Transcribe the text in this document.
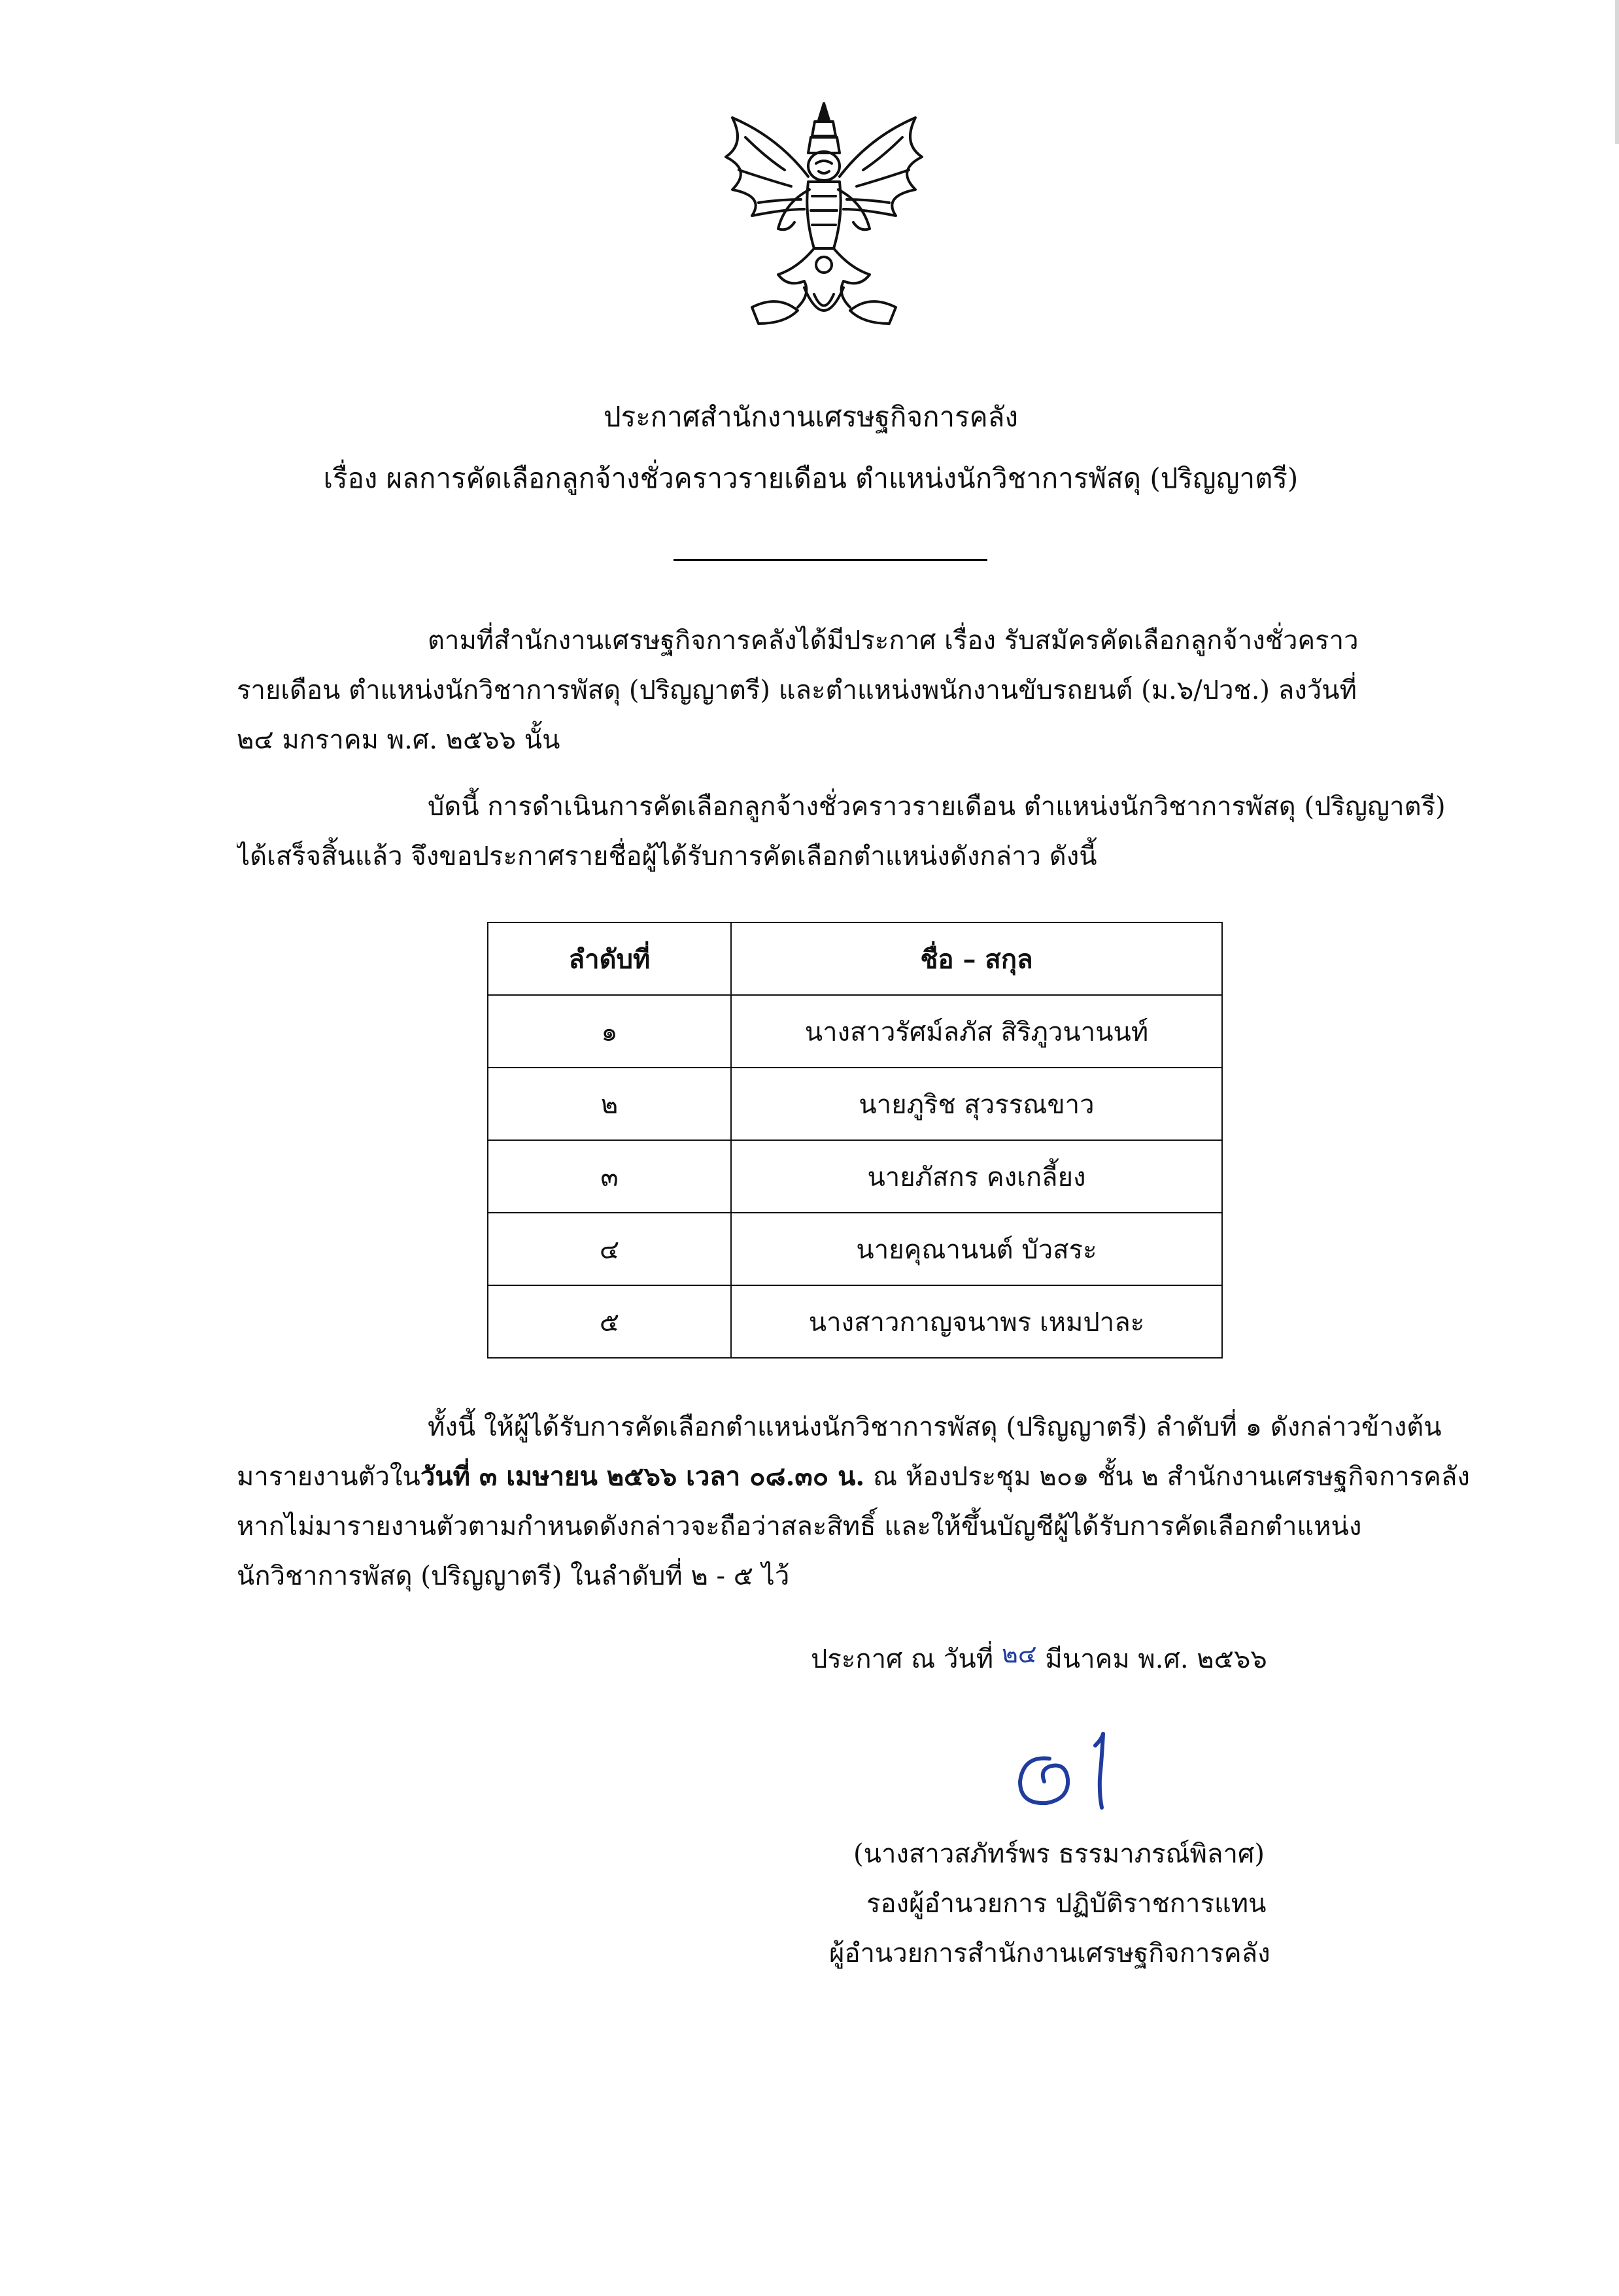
ประกาศสำนักงานเศรษฐกิจการคลัง
เรื่อง ผลการคัดเลือกลูกจ้างชั่วคราวรายเดือน ตำแหน่งนักวิชาการพัสดุ (ปริญญาตรี)
ตามที่สำนักงานเศรษฐกิจการคลังได้มีประกาศ เรื่อง รับสมัครคัดเลือกลูกจ้างชั่วคราว
รายเดือน ตำแหน่งนักวิชาการพัสดุ (ปริญญาตรี) และตำแหน่งพนักงานขับรถยนต์ (ม.๖/ปวช.) ลงวันที่
๒๔ มกราคม พ.ศ. ๒๕๖๖ นั้น
บัดนี้ การดำเนินการคัดเลือกลูกจ้างชั่วคราวรายเดือน ตำแหน่งนักวิชาการพัสดุ (ปริญญาตรี)
ได้เสร็จสิ้นแล้ว จึงขอประกาศรายชื่อผู้ได้รับการคัดเลือกตำแหน่งดังกล่าว ดังนี้
ลำดับที่	ชื่อ – สกุล
๑	นางสาวรัศม์ลภัส สิริภูวนานนท์
๒	นายภูริช สุวรรณขาว
๓	นายภัสกร คงเกลี้ยง
๔	นายคุณานนต์ บัวสระ
๕	นางสาวกาญจนาพร เหมปาละ
ทั้งนี้ ให้ผู้ได้รับการคัดเลือกตำแหน่งนักวิชาการพัสดุ (ปริญญาตรี) ลำดับที่ ๑ ดังกล่าวข้างต้น
มารายงานตัวในวันที่ ๓ เมษายน ๒๕๖๖ เวลา ๐๘.๓๐ น. ณ ห้องประชุม ๒๐๑ ชั้น ๒ สำนักงานเศรษฐกิจการคลัง
หากไม่มารายงานตัวตามกำหนดดังกล่าวจะถือว่าสละสิทธิ์ และให้ขึ้นบัญชีผู้ได้รับการคัดเลือกตำแหน่ง
นักวิชาการพัสดุ (ปริญญาตรี) ในลำดับที่ ๒ - ๕ ไว้
ประกาศ ณ วันที่ ๒๔ มีนาคม พ.ศ. ๒๕๖๖
(นางสาวสภัทร์พร ธรรมาภรณ์พิลาศ)
รองผู้อำนวยการ ปฏิบัติราชการแทน
ผู้อำนวยการสำนักงานเศรษฐกิจการคลัง
